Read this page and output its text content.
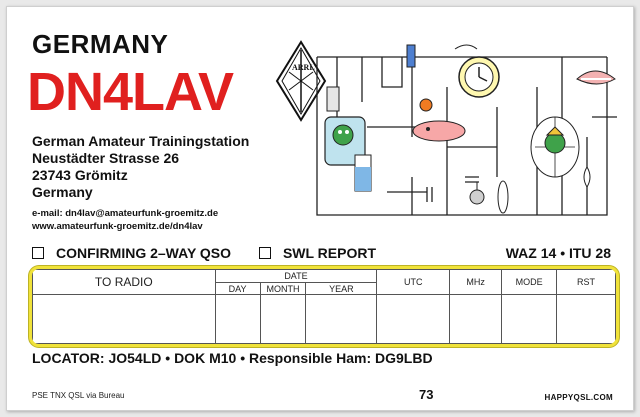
GERMANY
DN4LAV
German Amateur Trainingstation
Neustädter Strasse 26
23743 Grömitz
Germany
e-mail: dn4lav@amateurfunk-groemitz.de
www.amateurfunk-groemitz.de/dn4lav
ARRL
CONFIRMING 2–WAY QSO	SWL REPORT	WAZ 14 • ITU 28
TO RADIO	DATE			UTC	MHz	MODE	RST
	DAY	MONTH	YEAR				

LOCATOR: JO54LD • DOK M10 • Responsible Ham: DG9LBD
PSE TNX QSL via Bureau	73	HAPPYQSL.COM
